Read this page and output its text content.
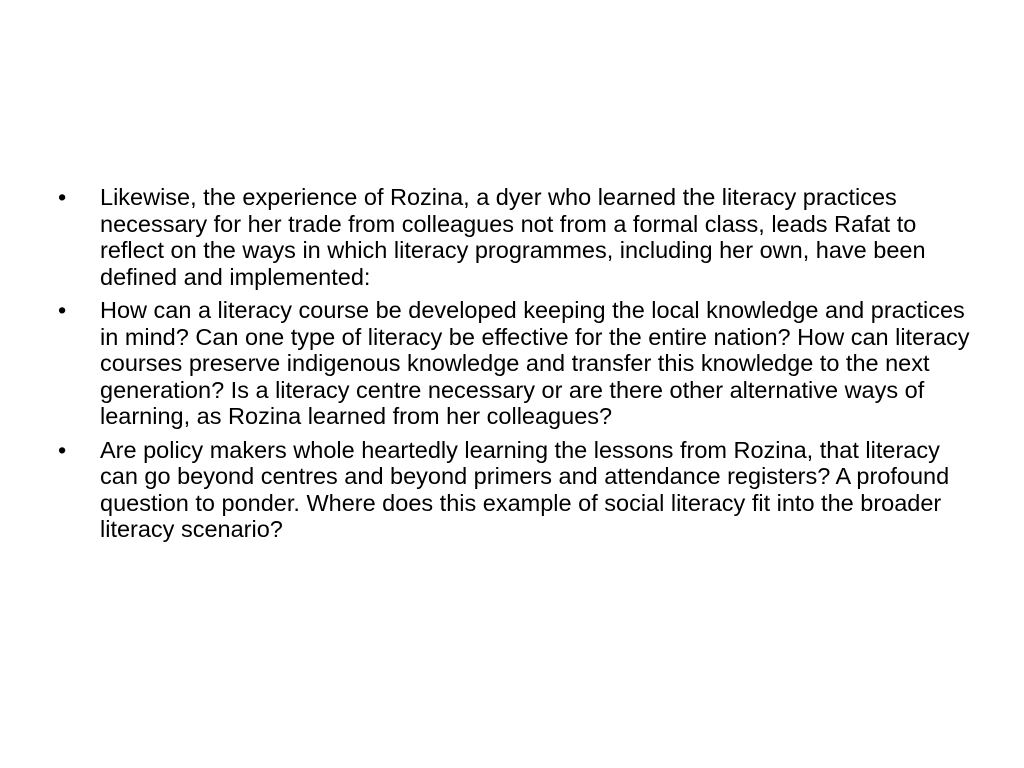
•	Likewise, the experience of Rozina, a dyer who learned the literacy practices necessary for her trade from colleagues not from a formal class, leads Rafat to reflect on the ways in which literacy programmes, including her own, have been defined and implemented:
•	How can a literacy course be developed keeping the local knowledge and practices in mind? Can one type of literacy be effective for the entire nation? How can literacy courses preserve indigenous knowledge and transfer this knowledge to the next generation? Is a literacy centre necessary or are there other alternative ways of learning, as Rozina learned from her colleagues?
•	Are policy makers whole heartedly learning the lessons from Rozina, that literacy can go beyond centres and beyond primers and attendance registers? A profound question to ponder. Where does this example of social literacy fit into the broader literacy scenario?
